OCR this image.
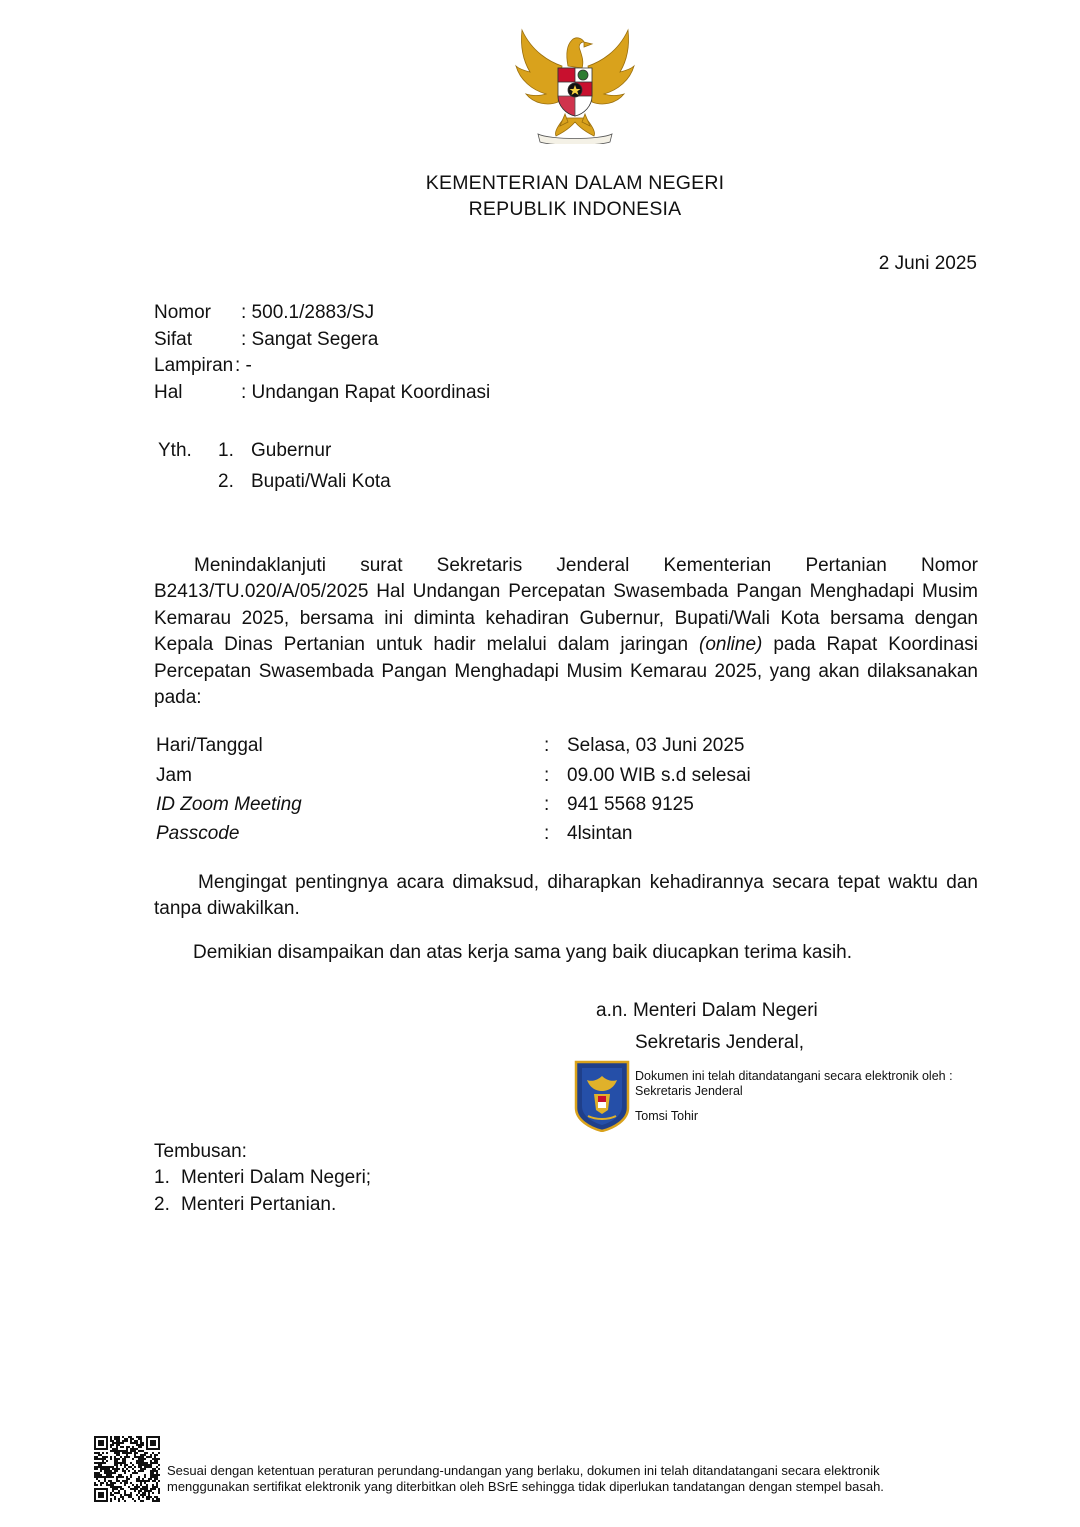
KEMENTERIAN DALAM NEGERI
REPUBLIK INDONESIA
2 Juni 2025
Nomor : 500.1/2883/SJ
Sifat	: Sangat Segera
Lampiran : -
Hal	: Undangan Rapat Koordinasi
Yth. 1. Gubernur
2. Bupati/Wali Kota
Menindaklanjuti surat Sekretaris Jenderal Kementerian Pertanian Nomor B2413/TU.020/A/05/2025 Hal Undangan Percepatan Swasembada Pangan Menghadapi Musim Kemarau 2025, bersama ini diminta kehadiran Gubernur, Bupati/Wali Kota bersama dengan Kepala Dinas Pertanian untuk hadir melalui dalam jaringan (online) pada Rapat Koordinasi Percepatan Swasembada Pangan Menghadapi Musim Kemarau 2025, yang akan dilaksanakan pada:
Hari/Tanggal	: Selasa, 03 Juni 2025
Jam	: 09.00 WIB s.d selesai
ID Zoom Meeting	: 941 5568 9125
Passcode	: 4lsintan
Mengingat pentingnya acara dimaksud, diharapkan kehadirannya secara tepat waktu dan tanpa diwakilkan.
Demikian disampaikan dan atas kerja sama yang baik diucapkan terima kasih.
a.n. Menteri Dalam Negeri
Sekretaris Jenderal,
Dokumen ini telah ditandatangani secara elektronik oleh :
Sekretaris Jenderal
Tomsi Tohir
Tembusan:
1. Menteri Dalam Negeri;
2. Menteri Pertanian.
Sesuai dengan ketentuan peraturan perundang-undangan yang berlaku, dokumen ini telah ditandatangani secara elektronik
menggunakan sertifikat elektronik yang diterbitkan oleh BSrE sehingga tidak diperlukan tandatangan dengan stempel basah.
